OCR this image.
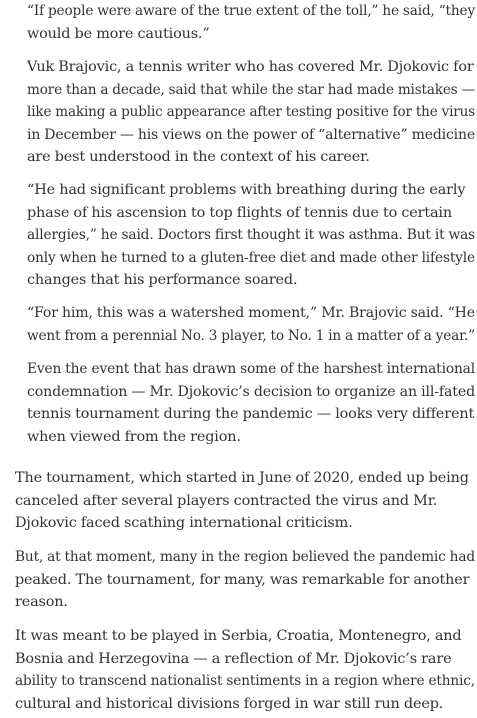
“If people were aware of the true extent of the toll,” he said, “they
would be more cautious.”

Vuk Brajovic, a tennis writer who has covered Mr. Djokovic for
more than a decade, said that while the star had made mistakes —
like making a public appearance after testing positive for the virus
in December — his views on the power of “alternative” medicine
are best understood in the context of his career.

“He had significant problems with breathing during the early
phase of his ascension to top flights of tennis due to certain
allergies,” he said. Doctors first thought it was asthma. But it was
only when he turned to a gluten-free diet and made other lifestyle
changes that his performance soared.

“For him, this was a watershed moment,” Mr. Brajovic said. “He
went from a perennial No. 3 player, to No. 1 in a matter of a year.”

Even the event that has drawn some of the harshest international
condemnation — Mr. Djokovic’s decision to organize an ill-fated
tennis tournament during the pandemic — looks very different
when viewed from the region.

The tournament, which started in June of 2020, ended up being
canceled after several players contracted the virus and Mr.
Djokovic faced scathing international criticism.

But, at that moment, many in the region believed the pandemic had
peaked. The tournament, for many, was remarkable for another
reason.

It was meant to be played in Serbia, Croatia, Montenegro, and
Bosnia and Herzegovina — a reflection of Mr. Djokovic’s rare
ability to transcend nationalist sentiments in a region where ethnic,
cultural and historical divisions forged in war still run deep.
